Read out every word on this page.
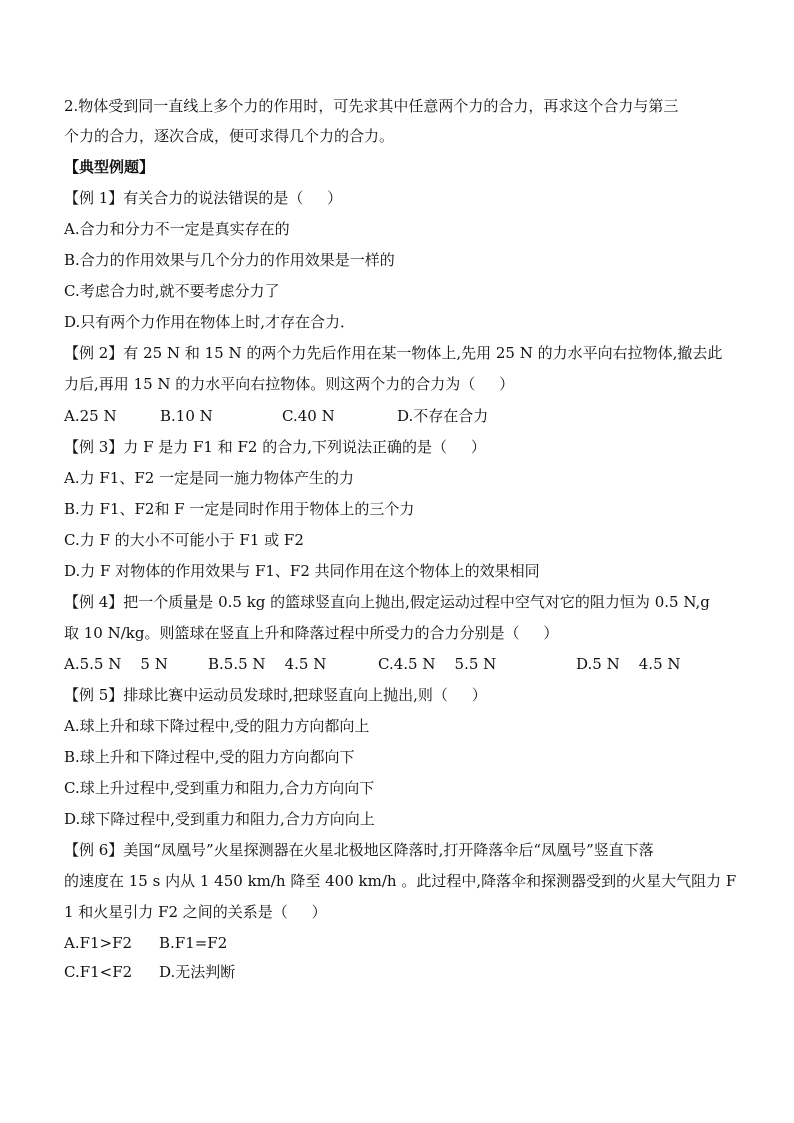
2.物体受到同一直线上多个力的作用时，可先求其中任意两个力的合力，再求这个合力与第三
个力的合力，逐次合成，便可求得几个力的合力。
【典型例题】
【例 1】有关合力的说法错误的是（     ）
A.合力和分力不一定是真实存在的
B.合力的作用效果与几个分力的作用效果是一样的
C.考虑合力时,就不要考虑分力了
D.只有两个力作用在物体上时,才存在合力．
【例 2】有 25 N 和 15 N 的两个力先后作用在某一物体上,先用 25 N 的力水平向右拉物体,撤去此
力后,再用 15 N 的力水平向右拉物体。则这两个力的合力为（     ）
A.25 N	B.10 N	C.40 N	D.不存在合力
【例 3】力 F 是力 F1 和 F2 的合力,下列说法正确的是（     ）
A.力 F1、F2 一定是同一施力物体产生的力
B.力 F1、F2和 F 一定是同时作用于物体上的三个力
C.力 F 的大小不可能小于 F1 或 F2
D.力 F 对物体的作用效果与 F1、F2 共同作用在这个物体上的效果相同
【例 4】把一个质量是 0.5 kg 的篮球竖直向上抛出,假定运动过程中空气对它的阻力恒为 0.5 N,g
取 10 N/kg。则篮球在竖直上升和降落过程中所受力的合力分别是（     ）
A.5.5 N    5 N	B.5.5 N    4.5 N	C.4.5 N    5.5 N	D.5 N    4.5 N
【例 5】排球比赛中运动员发球时,把球竖直向上抛出,则（     ）
A.球上升和球下降过程中,受的阻力方向都向上
B.球上升和下降过程中,受的阻力方向都向下
C.球上升过程中,受到重力和阻力,合力方向向下
D.球下降过程中,受到重力和阻力,合力方向向上
【例 6】美国“凤凰号”火星探测器在火星北极地区降落时,打开降落伞后“凤凰号”竖直下落
的速度在 15 s 内从 1 450 km/h 降至 400 km/h 。此过程中,降落伞和探测器受到的火星大气阻力 F
1 和火星引力 F2 之间的关系是（     ）
A.F1>F2 B.F1=F2
C.F1<F2 D.无法判断
